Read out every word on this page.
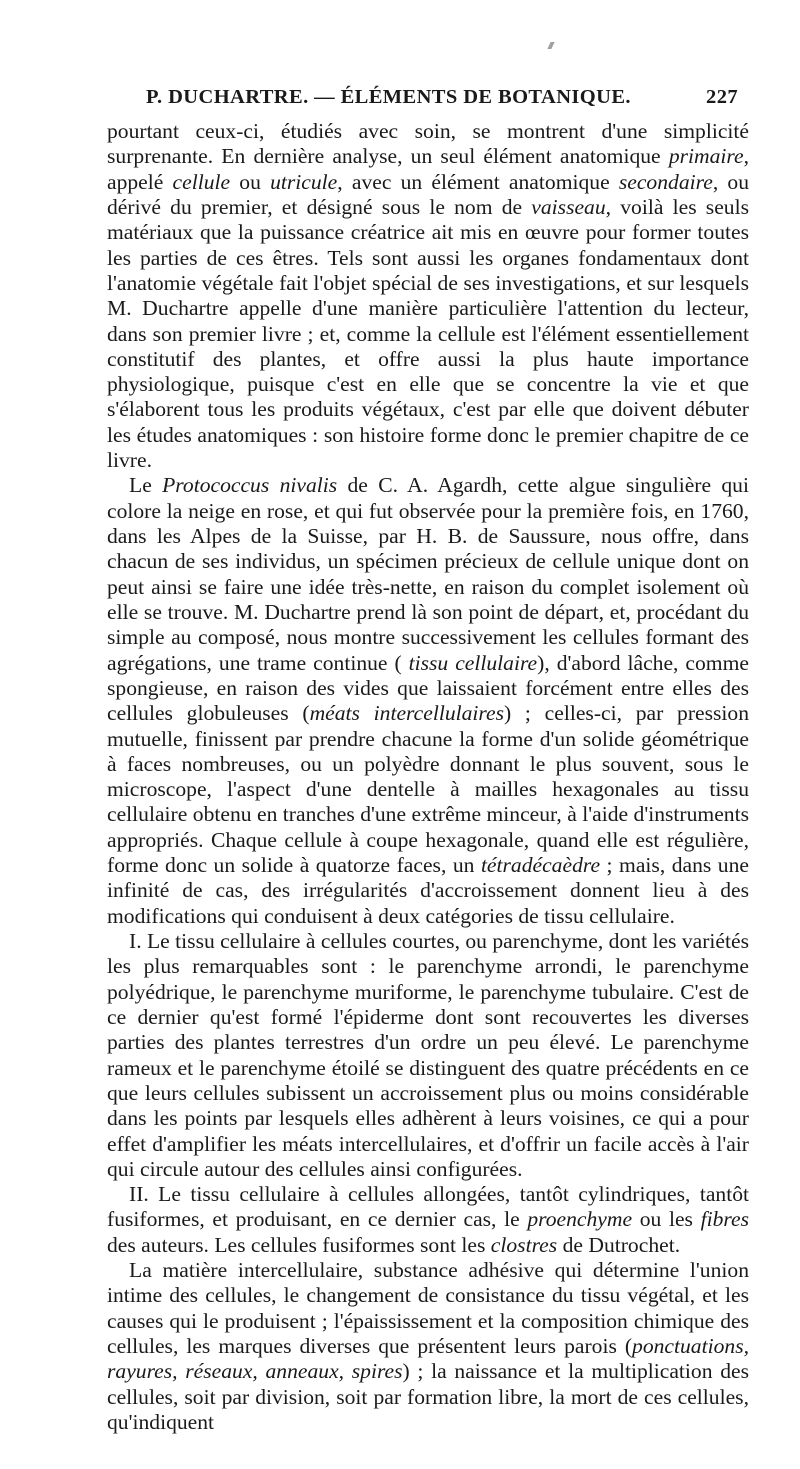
P. DUCHARTRE. — ÉLÉMENTS DE BOTANIQUE.	227

pourtant ceux-ci, étudiés avec soin, se montrent d'une simplicité surprenante. En dernière analyse, un seul élément anatomique primaire, appelé cellule ou utricule, avec un élément anatomique secondaire, ou dérivé du premier, et désigné sous le nom de vaisseau, voilà les seuls matériaux que la puissance créatrice ait mis en œuvre pour former toutes les parties de ces êtres. Tels sont aussi les organes fondamentaux dont l'anatomie végétale fait l'objet spécial de ses investigations, et sur lesquels M. Duchartre appelle d'une manière particulière l'attention du lecteur, dans son premier livre ; et, comme la cellule est l'élément essentiellement constitutif des plantes, et offre aussi la plus haute importance physiologique, puisque c'est en elle que se concentre la vie et que s'élaborent tous les produits végétaux, c'est par elle que doivent débuter les études anatomiques : son histoire forme donc le premier chapitre de ce livre.

Le Protococcus nivalis de C. A. Agardh, cette algue singulière qui colore la neige en rose, et qui fut observée pour la première fois, en 1760, dans les Alpes de la Suisse, par H. B. de Saussure, nous offre, dans chacun de ses individus, un spécimen précieux de cellule unique dont on peut ainsi se faire une idée très-nette, en raison du complet isolement où elle se trouve. M. Duchartre prend là son point de départ, et, procédant du simple au composé, nous montre successivement les cellules formant des agrégations, une trame continue ( tissu cellulaire), d'abord lâche, comme spongieuse, en raison des vides que laissaient forcément entre elles des cellules globuleuses (méats intercellulaires) ; celles-ci, par pression mutuelle, finissent par prendre chacune la forme d'un solide géométrique à faces nombreuses, ou un polyèdre donnant le plus souvent, sous le microscope, l'aspect d'une dentelle à mailles hexagonales au tissu cellulaire obtenu en tranches d'une extrême minceur, à l'aide d'instruments appropriés. Chaque cellule à coupe hexagonale, quand elle est régulière, forme donc un solide à quatorze faces, un tétradécaèdre ; mais, dans une infinité de cas, des irrégularités d'accroissement donnent lieu à des modifications qui conduisent à deux catégories de tissu cellulaire.

I. Le tissu cellulaire à cellules courtes, ou parenchyme, dont les variétés les plus remarquables sont : le parenchyme arrondi, le parenchyme polyédrique, le parenchyme muriforme, le parenchyme tubulaire. C'est de ce dernier qu'est formé l'épiderme dont sont recouvertes les diverses parties des plantes terrestres d'un ordre un peu élevé. Le parenchyme rameux et le parenchyme étoilé se distinguent des quatre précédents en ce que leurs cellules subissent un accroissement plus ou moins considérable dans les points par lesquels elles adhèrent à leurs voisines, ce qui a pour effet d'amplifier les méats intercellulaires, et d'offrir un facile accès à l'air qui circule autour des cellules ainsi configurées.

II. Le tissu cellulaire à cellules allongées, tantôt cylindriques, tantôt fusiformes, et produisant, en ce dernier cas, le proenchyme ou les fibres des auteurs. Les cellules fusiformes sont les clostres de Dutrochet.

La matière intercellulaire, substance adhésive qui détermine l'union intime des cellules, le changement de consistance du tissu végétal, et les causes qui le produisent ; l'épaississement et la composition chimique des cellules, les marques diverses que présentent leurs parois (ponctuations, rayures, réseaux, anneaux, spires) ; la naissance et la multiplication des cellules, soit par division, soit par formation libre, la mort de ces cellules, qu'indiquent
